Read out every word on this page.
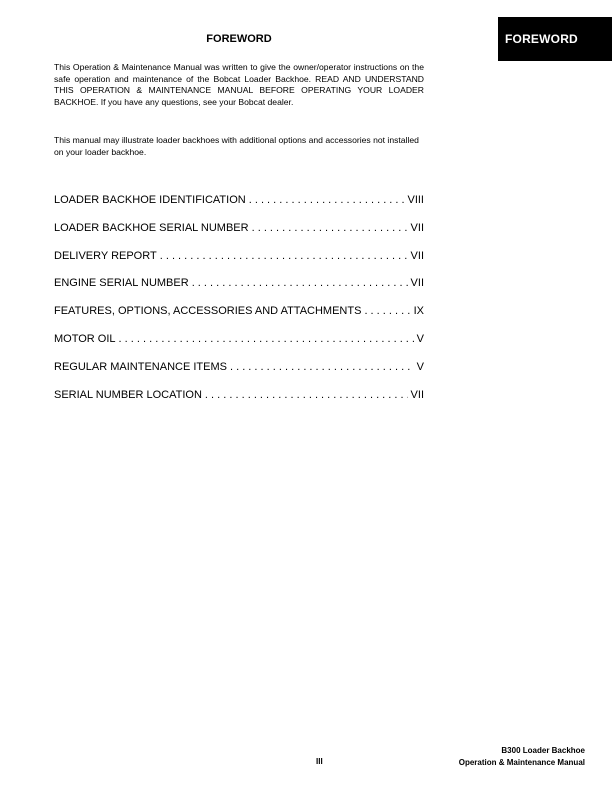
FOREWORD
FOREWORD

This Operation & Maintenance Manual was written to give the owner/operator instructions on the safe operation and maintenance of the Bobcat Loader Backhoe. READ AND UNDERSTAND THIS OPERATION & MAINTENANCE MANUAL BEFORE OPERATING YOUR LOADER BACKHOE. If you have any questions, see your Bobcat dealer.

This manual may illustrate loader backhoes with additional options and accessories not installed on your loader backhoe.

LOADER BACKHOE IDENTIFICATION . . .	VIII
LOADER BACKHOE SERIAL NUMBER . . .	VII
DELIVERY REPORT . . .	VII
ENGINE SERIAL NUMBER . . .	VII
FEATURES, OPTIONS, ACCESSORIES AND ATTACHMENTS . . .	IX
MOTOR OIL . . .	V
REGULAR MAINTENANCE ITEMS . . .	V
SERIAL NUMBER LOCATION . . .	VII
III
B300 Loader Backhoe
Operation & Maintenance Manual
